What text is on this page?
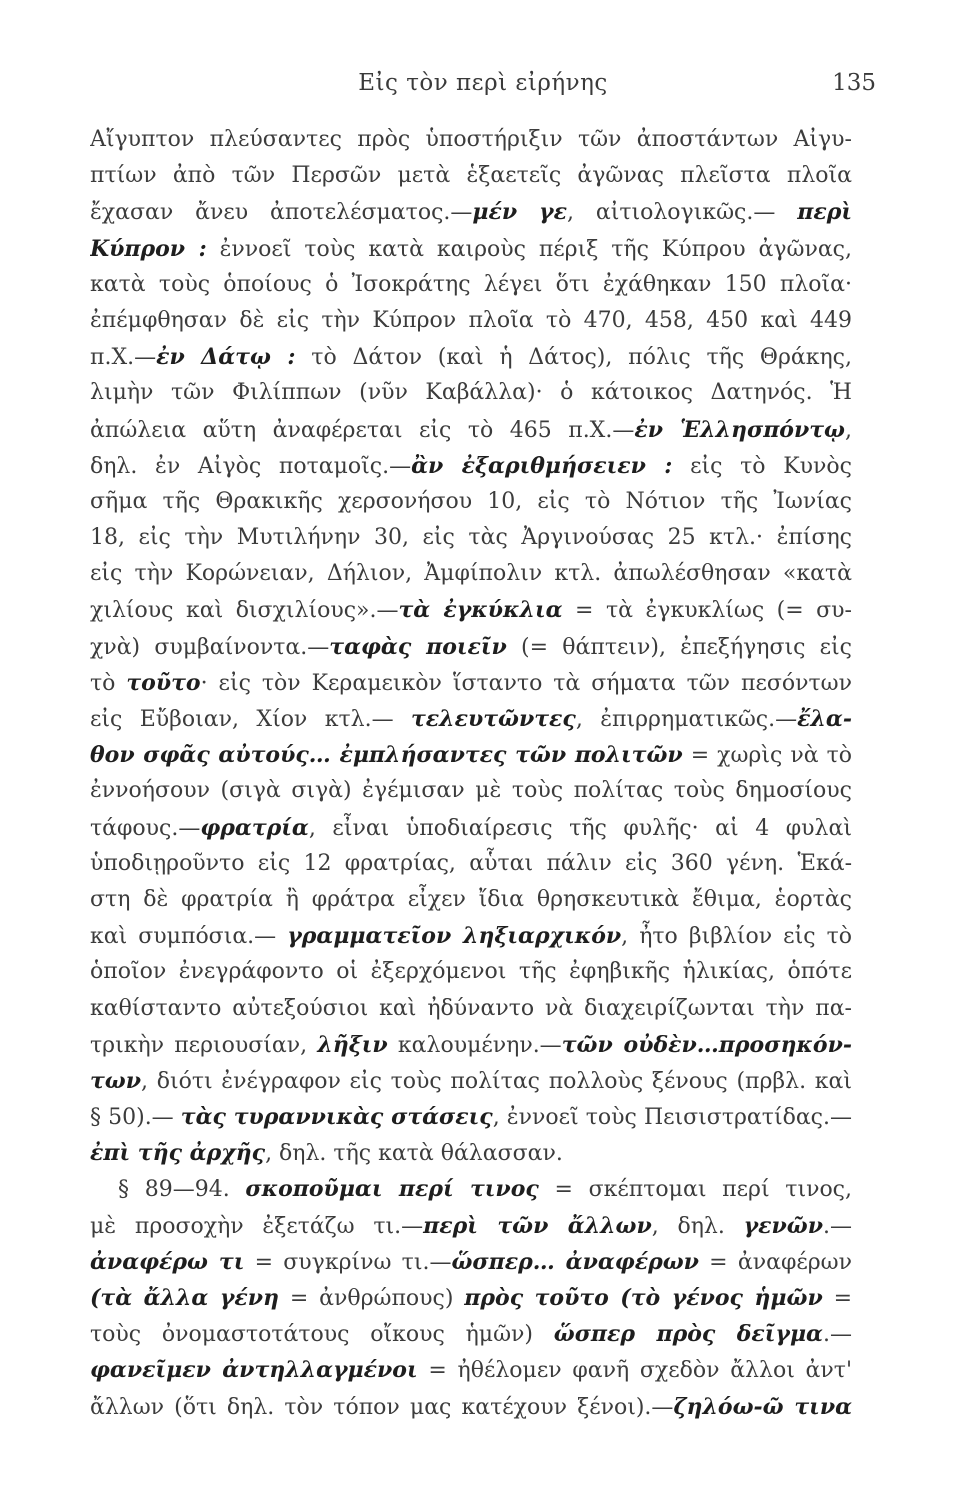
Εἰς τὸν περὶ εἰρήνης	135
Αἴγυπτον πλεύσαντες πρὸς ὑποστήριξιν τῶν ἀποστάντων Αἰγυ-
πτίων ἀπὸ τῶν Περσῶν μετὰ ἑξαετεῖς ἀγῶνας πλεῖστα πλοῖα
ἔχασαν ἄνευ ἀποτελέσματος.—μέν γε, αἰτιολογικῶς.— περὶ
Κύπρον : ἐννοεῖ τοὺς κατὰ καιροὺς πέριξ τῆς Κύπρου ἀγῶνας,
κατὰ τοὺς ὁποίους ὁ Ἰσοκράτης λέγει ὅτι ἐχάθηκαν 150 πλοῖα·
ἐπέμφθησαν δὲ εἰς τὴν Κύπρον πλοῖα τὸ 470, 458, 450 καὶ 449
π.Χ.—ἐν Δάτῳ : τὸ Δάτον (καὶ ἡ Δάτος), πόλις τῆς Θράκης,
λιμὴν τῶν Φιλίππων (νῦν Καβάλλα)· ὁ κάτοικος Δατηνός. Ἡ
ἀπώλεια αὕτη ἀναφέρεται εἰς τὸ 465 π.Χ.—ἐν Ἑλλησπόντῳ,
δηλ. ἐν Αἰγὸς ποταμοῖς.—ἂν ἐξαριθμήσειεν : εἰς τὸ Κυνὸς
σῆμα τῆς Θρακικῆς χερσονήσου 10, εἰς τὸ Νότιον τῆς Ἰωνίας
18, εἰς τὴν Μυτιλήνην 30, εἰς τὰς Ἀργινούσας 25 κτλ.· ἐπίσης
εἰς τὴν Κορώνειαν, Δήλιον, Ἀμφίπολιν κτλ. ἀπωλέσθησαν «κατὰ
χιλίους καὶ δισχιλίους».—τὰ ἐγκύκλια = τὰ ἐγκυκλίως (= συ-
χνὰ) συμβαίνοντα.—ταφὰς ποιεῖν (= θάπτειν), ἐπεξήγησις εἰς
τὸ τοῦτο· εἰς τὸν Κεραμεικὸν ἵσταντο τὰ σήματα τῶν πεσόντων
εἰς Εὔβοιαν, Χίον κτλ.— τελευτῶντες, ἐπιρρηματικῶς.—ἔλα-
θον σφᾶς αὐτούς… ἐμπλήσαντες τῶν πολιτῶν = χωρὶς νὰ τὸ
ἐννοήσουν (σιγὰ σιγὰ) ἐγέμισαν μὲ τοὺς πολίτας τοὺς δημοσίους
τάφους.—φρατρία, εἶναι ὑποδιαίρεσις τῆς φυλῆς· αἱ 4 φυλαὶ
ὑποδιῃροῦντο εἰς 12 φρατρίας, αὗται πάλιν εἰς 360 γένη. Ἑκά-
στη δὲ φρατρία ἢ φράτρα εἶχεν ἴδια θρησκευτικὰ ἔθιμα, ἑορτὰς
καὶ συμπόσια.— γραμματεῖον ληξιαρχικόν, ἦτο βιβλίον εἰς τὸ
ὁποῖον ἐνεγράφοντο οἱ ἐξερχόμενοι τῆς ἐφηβικῆς ἡλικίας, ὁπότε
καθίσταντο αὐτεξούσιοι καὶ ἠδύναντο νὰ διαχειρίζωνται τὴν πα-
τρικὴν περιουσίαν, λῆξιν καλουμένην.—τῶν οὐδὲν…προσηκόν-
των, διότι ἐνέγραφον εἰς τοὺς πολίτας πολλοὺς ξένους (πρβλ. καὶ
§ 50).— τὰς τυραννικὰς στάσεις, ἐννοεῖ τοὺς Πεισιστρατίδας.—
ἐπὶ τῆς ἀρχῆς, δηλ. τῆς κατὰ θάλασσαν.
§ 89—94. σκοποῦμαι περί τινος = σκέπτομαι περί τινος,
μὲ προσοχὴν ἐξετάζω τι.—περὶ τῶν ἄλλων, δηλ. γενῶν.—
ἀναφέρω τι = συγκρίνω τι.—ὥσπερ… ἀναφέρων = ἀναφέρων
(τὰ ἄλλα γένη = ἀνθρώπους) πρὸς τοῦτο (τὸ γένος ἡμῶν =
τοὺς ὀνομαστοτάτους οἴκους ἡμῶν) ὥσπερ πρὸς δεῖγμα.—
φανεῖμεν ἀντηλλαγμένοι = ἠθέλομεν φανῆ σχεδὸν ἄλλοι ἀντ'
ἄλλων (ὅτι δηλ. τὸν τόπον μας κατέχουν ξένοι).—ζηλόω-ῶ τινα
